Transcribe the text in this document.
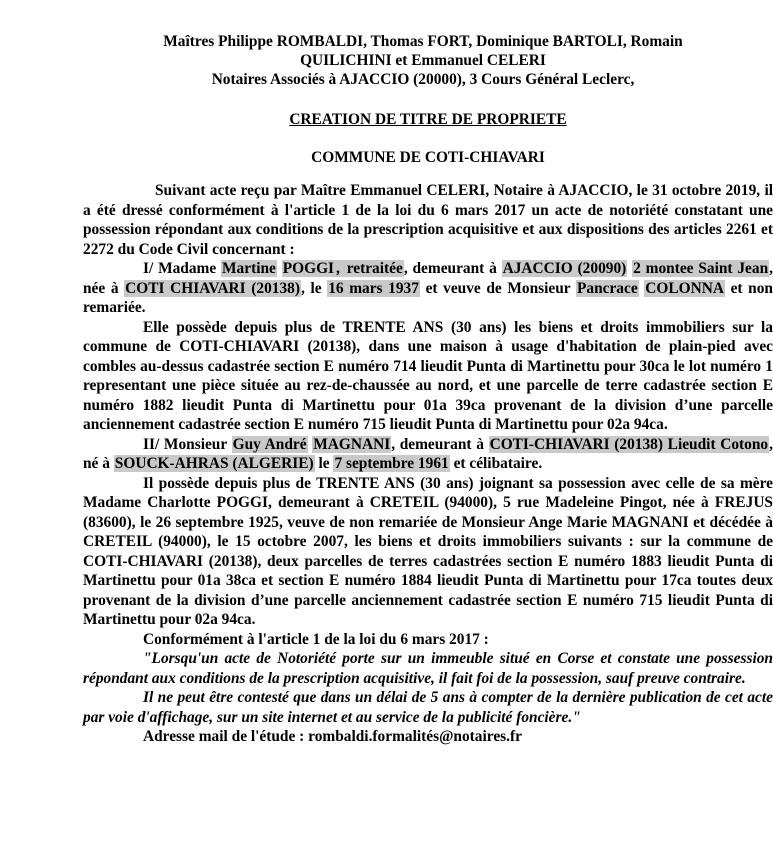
Maîtres Philippe ROMBALDI, Thomas FORT, Dominique BARTOLI, Romain
QUILICHINI et Emmanuel CELERI
Notaires Associés à AJACCIO (20000), 3 Cours Général Leclerc,
CREATION DE TITRE DE PROPRIETE
COMMUNE DE COTI-CHIAVARI

Suivant acte reçu par Maître Emmanuel CELERI, Notaire à AJACCIO, le 31 octobre 2019, il a été dressé conformément à l'article 1 de la loi du 6 mars 2017 un acte de notoriété constatant une possession répondant aux conditions de la prescription acquisitive et aux dispositions des articles 2261 et 2272 du Code Civil concernant :

I/ Madame Martine POGGI , retraitée, demeurant à AJACCIO (20090) 2 montee Saint Jean, née à COTI CHIAVARI (20138), le 16 mars 1937 et veuve de Monsieur Pancrace COLONNA et non remariée.

Elle possède depuis plus de TRENTE ANS (30 ans) les biens et droits immobiliers sur la commune de COTI-CHIAVARI (20138), dans une maison à usage d'habitation de plain-pied avec combles au-dessus cadastrée section E numéro 714 lieudit Punta di Martinettu pour 30ca le lot numéro 1 representant une pièce située au rez-de-chaussée au nord, et une parcelle de terre cadastrée section E numéro 1882 lieudit Punta di Martinettu pour 01a 39ca provenant de la division d’une parcelle anciennement cadastrée section E numéro 715 lieudit Punta di Martinettu pour 02a 94ca.

II/ Monsieur Guy André MAGNANI, demeurant à COTI-CHIAVARI (20138) Lieudit Cotono, né à SOUCK-AHRAS (ALGERIE) le 7 septembre 1961 et célibataire.

Il possède depuis plus de TRENTE ANS (30 ans) joignant sa possession avec celle de sa mère Madame Charlotte POGGI, demeurant à CRETEIL (94000), 5 rue Madeleine Pingot, née à FREJUS (83600), le 26 septembre 1925, veuve de non remariée de Monsieur Ange Marie MAGNANI et décédée à CRETEIL (94000), le 15 octobre 2007, les biens et droits immobiliers suivants : sur la commune de COTI-CHIAVARI (20138), deux parcelles de terres cadastrées section E numéro 1883 lieudit Punta di Martinettu pour 01a 38ca et section E numéro 1884 lieudit Punta di Martinettu pour 17ca toutes deux provenant de la division d’une parcelle anciennement cadastrée section E numéro 715 lieudit Punta di Martinettu pour 02a 94ca.

Conformément à l'article 1 de la loi du 6 mars 2017 :

"Lorsqu'un acte de Notoriété porte sur un immeuble situé en Corse et constate une possession répondant aux conditions de la prescription acquisitive, il fait foi de la possession, sauf preuve contraire.

Il ne peut être contesté que dans un délai de 5 ans à compter de la dernière publication de cet acte par voie d'affichage, sur un site internet et au service de la publicité foncière."

Adresse mail de l'étude : rombaldi.formalités@notaires.fr
